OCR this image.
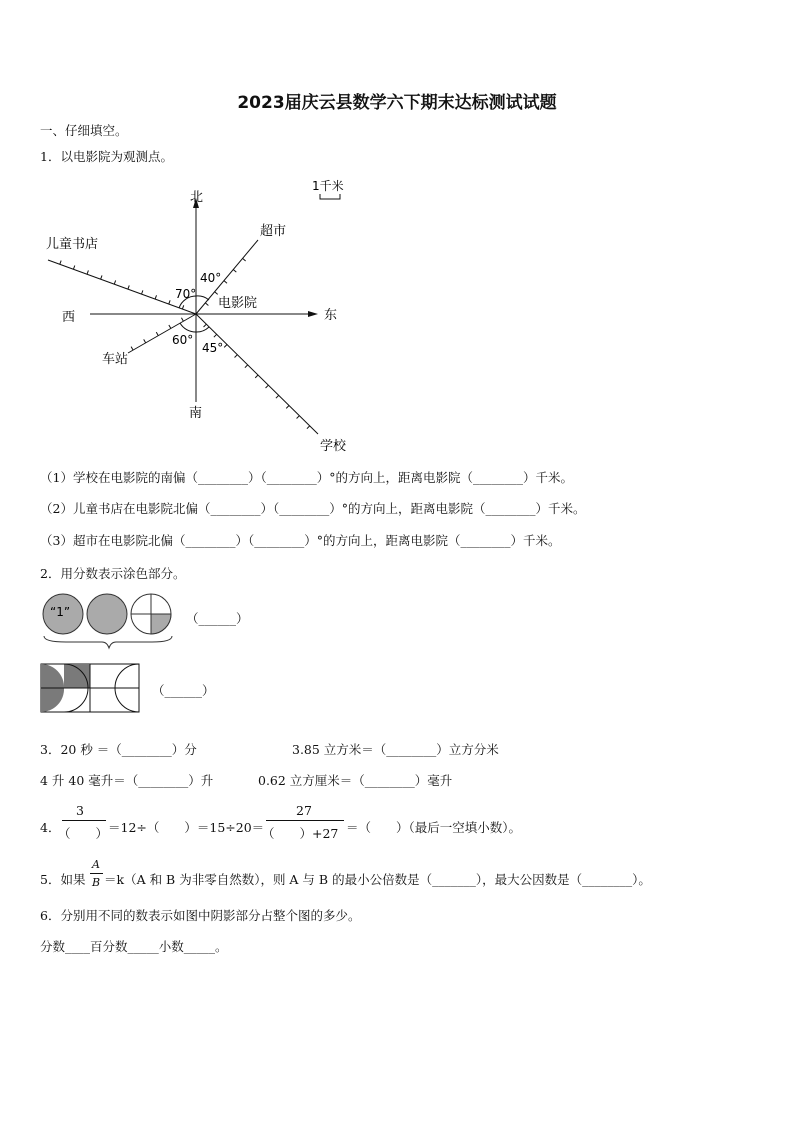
2023届庆云县数学六下期末达标测试试题
一、仔细填空。
1．以电影院为观测点。
北
南
东
西
电影院
超市
儿童书店
车站
学校
40°
70°
60°
45°
1千米
（1）学校在电影院的南偏（________）（________）°的方向上，距离电影院（________）千米。
（2）儿童书店在电影院北偏（________）（________）°的方向上，距离电影院（________）千米。
（3）超市在电影院北偏（________）（________）°的方向上，距离电影院（________）千米。
2．用分数表示涂色部分。
“1”	（______）
（______）
3．20 秒 ＝（________）分	3.85 立方米＝（________）立方分米
4 升 40 毫升＝（________）升	0.62 立方厘米＝（________）毫升
4．
3
（　　） ＝12÷（　　）＝15÷20＝
27
（　　）+27 ＝（　　）（最后一空填小数）。
5．如果
A
B ＝k（A 和 B 为非零自然数），则 A 与 B 的最小公倍数是（_______），最大公因数是（________）。
6．分别用不同的数表示如图中阴影部分占整个图的多少。
分数____百分数_____小数_____。
